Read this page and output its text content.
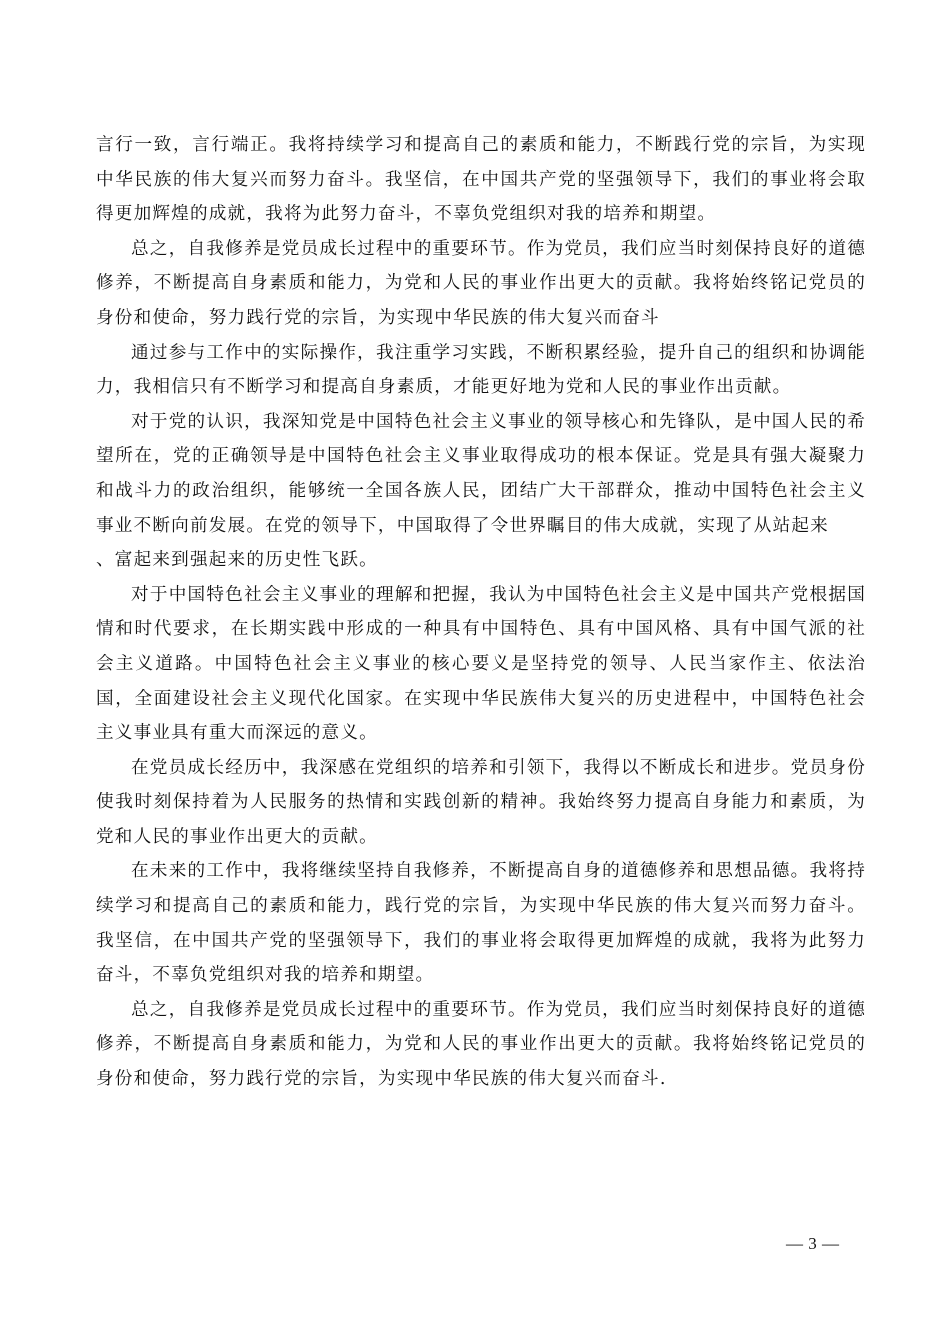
言行一致，言行端正。我将持续学习和提高自己的素质和能力，不断践行党的宗旨，为实现中华民族的伟大复兴而努力奋斗。我坚信，在中国共产党的坚强领导下，我们的事业将会取得更加辉煌的成就，我将为此努力奋斗，不辜负党组织对我的培养和期望。

总之，自我修养是党员成长过程中的重要环节。作为党员，我们应当时刻保持良好的道德修养，不断提高自身素质和能力，为党和人民的事业作出更大的贡献。我将始终铭记党员的身份和使命，努力践行党的宗旨，为实现中华民族的伟大复兴而奋斗

通过参与工作中的实际操作，我注重学习实践，不断积累经验，提升自己的组织和协调能力，我相信只有不断学习和提高自身素质，才能更好地为党和人民的事业作出贡献。

对于党的认识，我深知党是中国特色社会主义事业的领导核心和先锋队，是中国人民的希望所在，党的正确领导是中国特色社会主义事业取得成功的根本保证。党是具有强大凝聚力和战斗力的政治组织，能够统一全国各族人民，团结广大干部群众，推动中国特色社会主义事业不断向前发展。在党的领导下，中国取得了令世界瞩目的伟大成就，实现了从站起来

、富起来到强起来的历史性飞跃。

对于中国特色社会主义事业的理解和把握，我认为中国特色社会主义是中国共产党根据国情和时代要求，在长期实践中形成的一种具有中国特色、具有中国风格、具有中国气派的社会主义道路。中国特色社会主义事业的核心要义是坚持党的领导、人民当家作主、依法治国，全面建设社会主义现代化国家。在实现中华民族伟大复兴的历史进程中，中国特色社会主义事业具有重大而深远的意义。

在党员成长经历中，我深感在党组织的培养和引领下，我得以不断成长和进步。党员身份使我时刻保持着为人民服务的热情和实践创新的精神。我始终努力提高自身能力和素质，为党和人民的事业作出更大的贡献。

在未来的工作中，我将继续坚持自我修养，不断提高自身的道德修养和思想品德。我将持续学习和提高自己的素质和能力，践行党的宗旨，为实现中华民族的伟大复兴而努力奋斗。我坚信，在中国共产党的坚强领导下，我们的事业将会取得更加辉煌的成就，我将为此努力奋斗，不辜负党组织对我的培养和期望。

总之，自我修养是党员成长过程中的重要环节。作为党员，我们应当时刻保持良好的道德修养，不断提高自身素质和能力，为党和人民的事业作出更大的贡献。我将始终铭记党员的身份和使命，努力践行党的宗旨，为实现中华民族的伟大复兴而奋斗.

— 3 —
